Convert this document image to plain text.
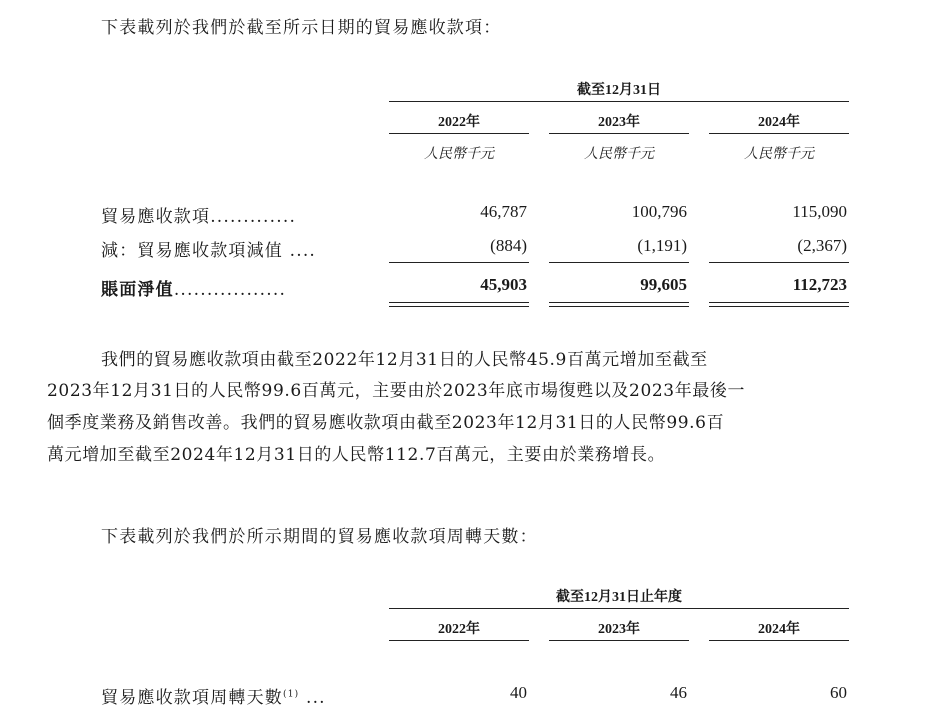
下表載列於我們於截至所示日期的貿易應收款項：
截至12月31日
2022年	2023年	2024年
人民幣千元	人民幣千元	人民幣千元
貿易應收款項.............	46,787	100,796	115,090
減：貿易應收款項減值 ....	(884)	(1,191)	(2,367)
賬面淨值.................	45,903	99,605	112,723
我們的貿易應收款項由截至2022年12月31日的人民幣45.9百萬元增加至截至
2023年12月31日的人民幣99.6百萬元，主要由於2023年底市場復甦以及2023年最後一
個季度業務及銷售改善。我們的貿易應收款項由截至2023年12月31日的人民幣99.6百
萬元增加至截至2024年12月31日的人民幣112.7百萬元，主要由於業務增長。
下表載列於我們於所示期間的貿易應收款項周轉天數：
截至12月31日止年度
2022年	2023年	2024年
貿易應收款項周轉天數$^{(1)}$ ...	40	46	60
